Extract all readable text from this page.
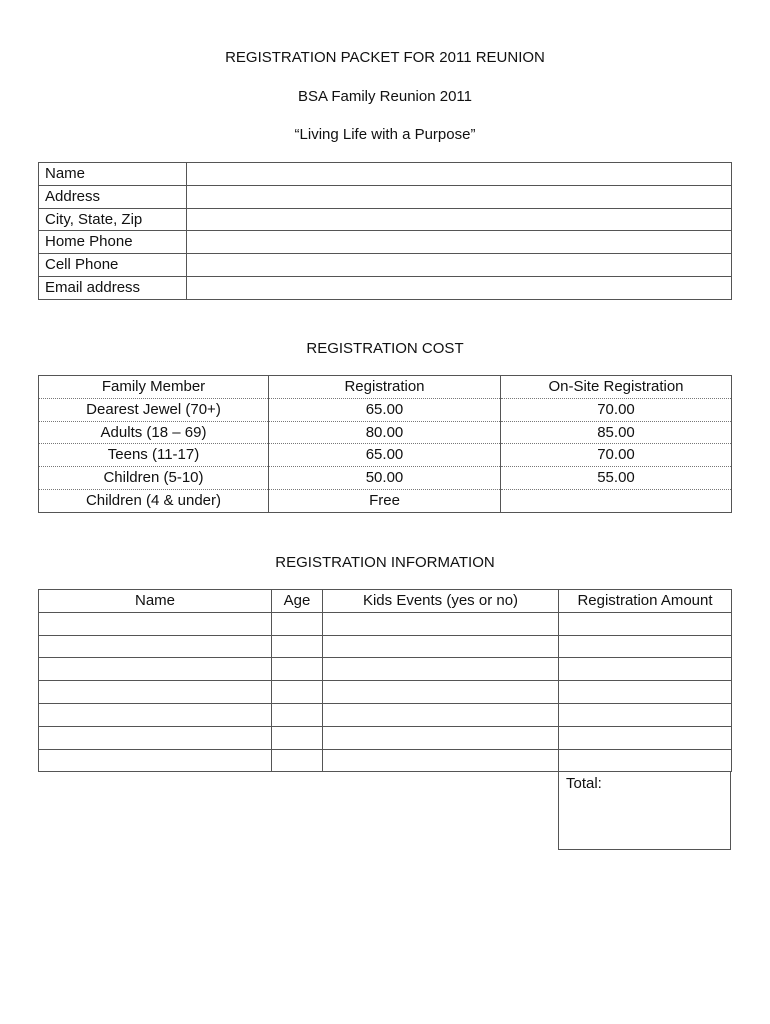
REGISTRATION PACKET FOR 2011 REUNION
BSA Family Reunion 2011
“Living Life with a Purpose”
Name	
Address	
City, State, Zip	
Home Phone	
Cell Phone	
Email address	
REGISTRATION COST
Family Member	Registration	On-Site Registration
Dearest Jewel (70+)	65.00	70.00
Adults (18 – 69)	80.00	85.00
Teens (11-17)	65.00	70.00
Children (5-10)	50.00	55.00
Children (4 & under)	Free	
REGISTRATION INFORMATION
Name	Age	Kids Events (yes or no)	Registration Amount

Total:
